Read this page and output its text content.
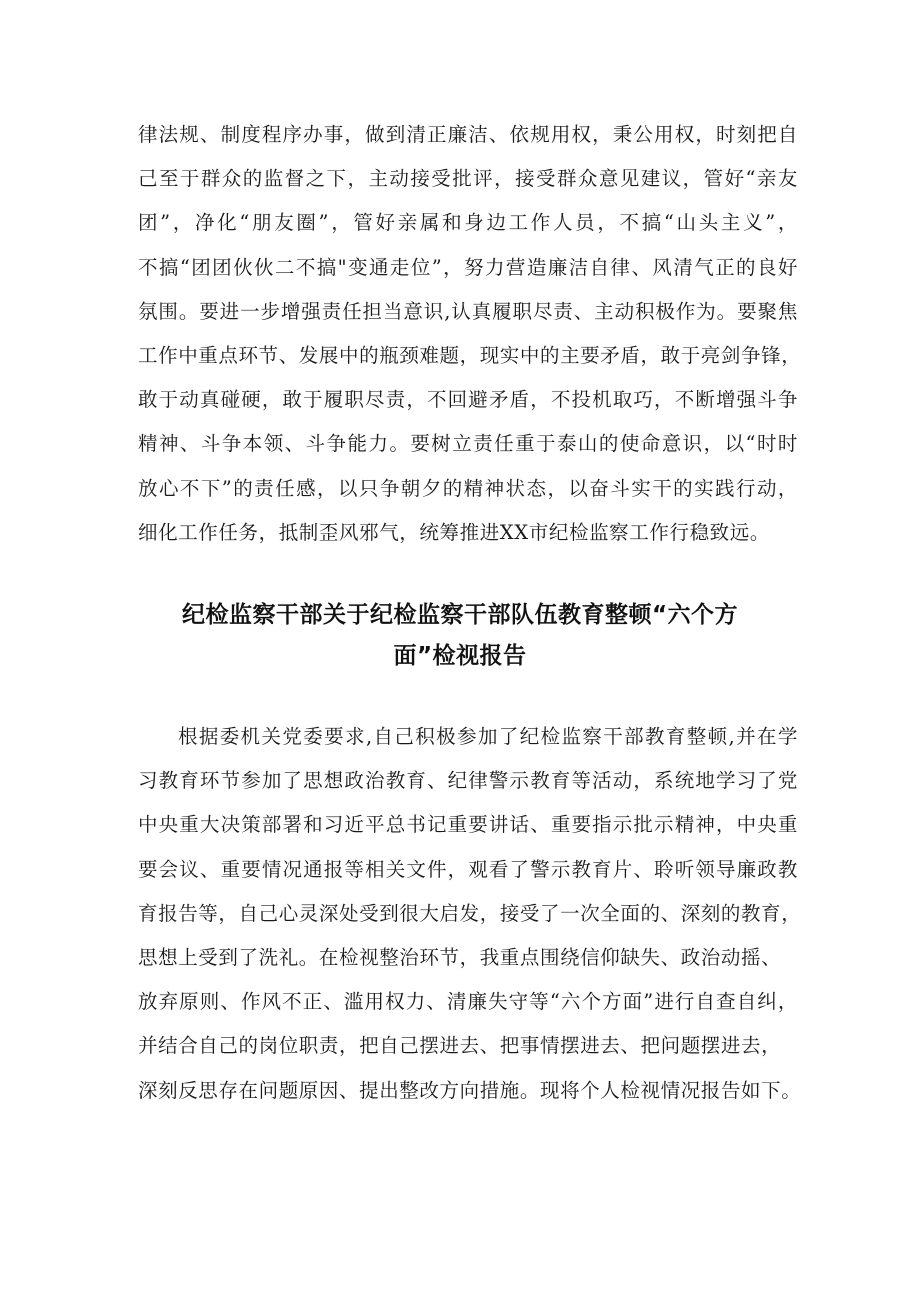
律法规、制度程序办事，做到清正廉洁、依规用权，秉公用权，时刻把自
己至于群众的监督之下，主动接受批评，接受群众意见建议，管好“亲友
团”，净化“朋友圈”，管好亲属和身边工作人员，不搞“山头主义”，
不搞“团团伙伙二不搞"变通走位”，努力营造廉洁自律、风清气正的良好
氛围。要进一步增强责任担当意识,认真履职尽责、主动积极作为。要聚焦
工作中重点环节、发展中的瓶颈难题，现实中的主要矛盾，敢于亮剑争锋，
敢于动真碰硬，敢于履职尽责，不回避矛盾，不投机取巧，不断增强斗争
精神、斗争本领、斗争能力。要树立责任重于泰山的使命意识，以“时时
放心不下”的责任感，以只争朝夕的精神状态，以奋斗实干的实践行动，
细化工作任务，抵制歪风邪气，统筹推进XX市纪检监察工作行稳致远。
纪检监察干部关于纪检监察干部队伍教育整顿“六个方
面”检视报告
根据委机关党委要求,自己积极参加了纪检监察干部教育整顿,并在学
习教育环节参加了思想政治教育、纪律警示教育等活动，系统地学习了党
中央重大决策部署和习近平总书记重要讲话、重要指示批示精神，中央重
要会议、重要情况通报等相关文件，观看了警示教育片、聆听领导廉政教
育报告等，自己心灵深处受到很大启发，接受了一次全面的、深刻的教育，
思想上受到了洗礼。在检视整治环节，我重点围绕信仰缺失、政治动摇、
放弃原则、作风不正、滥用权力、清廉失守等“六个方面”进行自查自纠，
并结合自己的岗位职责，把自己摆进去、把事情摆进去、把问题摆进去，
深刻反思存在问题原因、提出整改方向措施。现将个人检视情况报告如下。
